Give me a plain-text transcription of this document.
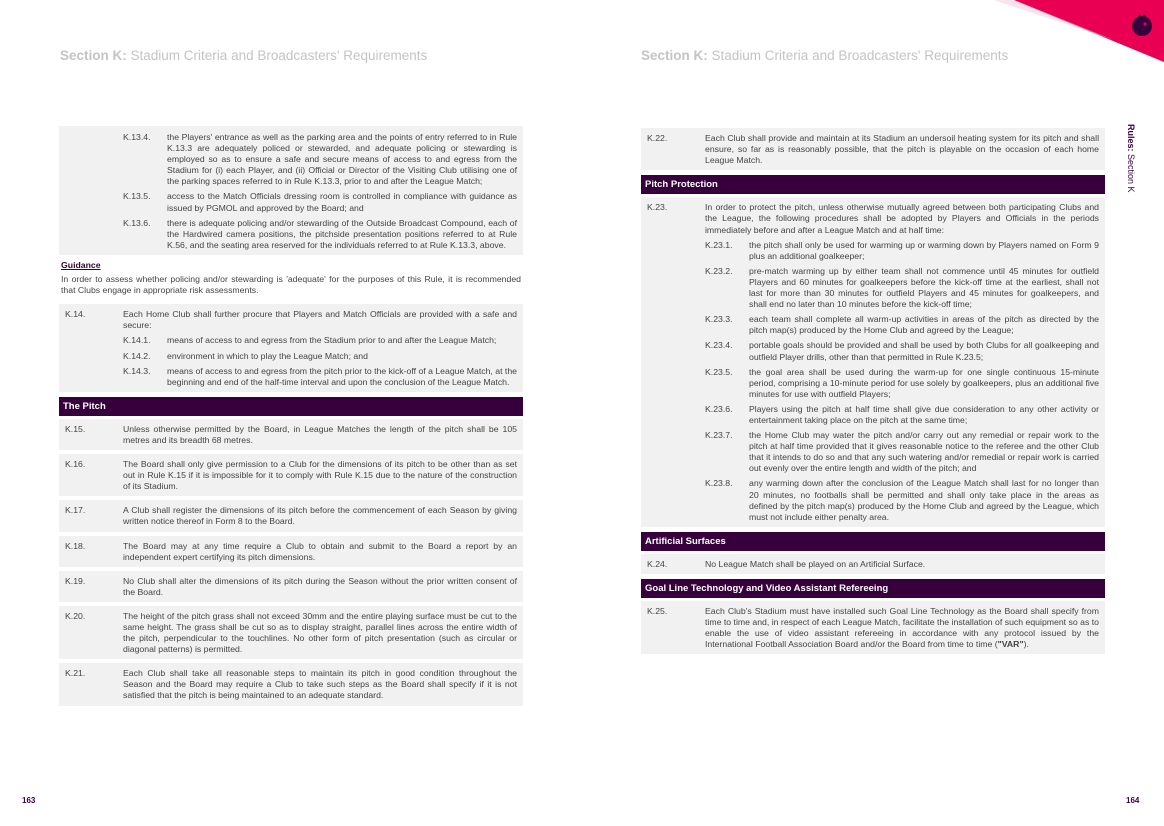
Section K: Stadium Criteria and Broadcasters' Requirements	Section K: Stadium Criteria and Broadcasters' Requirements
Rules: Section K
K.13.4.	the Players' entrance as well as the parking area and the points of entry referred to in Rule K.13.3 are adequately policed or stewarded, and adequate policing or stewarding is employed so as to ensure a safe and secure means of access to and egress from the Stadium for (i) each Player, and (ii) Official or Director of the Visiting Club utilising one of the parking spaces referred to in Rule K.13.3, prior to and after the League Match;
K.13.5.	access to the Match Officials dressing room is controlled in compliance with guidance as issued by PGMOL and approved by the Board; and
K.13.6.	there is adequate policing and/or stewarding of the Outside Broadcast Compound, each of the Hardwired camera positions, the pitchside presentation positions referred to at Rule K.56, and the seating area reserved for the individuals referred to at Rule K.13.3, above.
Guidance
In order to assess whether policing and/or stewarding is 'adequate' for the purposes of this Rule, it is recommended that Clubs engage in appropriate risk assessments.
K.14.	Each Home Club shall further procure that Players and Match Officials are provided with a safe and secure:
K.14.1.	means of access to and egress from the Stadium prior to and after the League Match;
K.14.2.	environment in which to play the League Match; and
K.14.3.	means of access to and egress from the pitch prior to the kick-off of a League Match, at the beginning and end of the half-time interval and upon the conclusion of the League Match.
The Pitch
K.15.	Unless otherwise permitted by the Board, in League Matches the length of the pitch shall be 105 metres and its breadth 68 metres.
K.16.	The Board shall only give permission to a Club for the dimensions of its pitch to be other than as set out in Rule K.15 if it is impossible for it to comply with Rule K.15 due to the nature of the construction of its Stadium.
K.17.	A Club shall register the dimensions of its pitch before the commencement of each Season by giving written notice thereof in Form 8 to the Board.
K.18.	The Board may at any time require a Club to obtain and submit to the Board a report by an independent expert certifying its pitch dimensions.
K.19.	No Club shall alter the dimensions of its pitch during the Season without the prior written consent of the Board.
K.20.	The height of the pitch grass shall not exceed 30mm and the entire playing surface must be cut to the same height. The grass shall be cut so as to display straight, parallel lines across the entire width of the pitch, perpendicular to the touchlines. No other form of pitch presentation (such as circular or diagonal patterns) is permitted.
K.21.	Each Club shall take all reasonable steps to maintain its pitch in good condition throughout the Season and the Board may require a Club to take such steps as the Board shall specify if it is not satisfied that the pitch is being maintained to an adequate standard.
K.22.	Each Club shall provide and maintain at its Stadium an undersoil heating system for its pitch and shall ensure, so far as is reasonably possible, that the pitch is playable on the occasion of each home League Match.
Pitch Protection
K.23.	In order to protect the pitch, unless otherwise mutually agreed between both participating Clubs and the League, the following procedures shall be adopted by Players and Officials in the periods immediately before and after a League Match and at half time:
K.23.1.	the pitch shall only be used for warming up or warming down by Players named on Form 9 plus an additional goalkeeper;
K.23.2.	pre-match warming up by either team shall not commence until 45 minutes for outfield Players and 60 minutes for goalkeepers before the kick-off time at the earliest, shall not last for more than 30 minutes for outfield Players and 45 minutes for goalkeepers, and shall end no later than 10 minutes before the kick-off time;
K.23.3.	each team shall complete all warm-up activities in areas of the pitch as directed by the pitch map(s) produced by the Home Club and agreed by the League;
K.23.4.	portable goals should be provided and shall be used by both Clubs for all goalkeeping and outfield Player drills, other than that permitted in Rule K.23.5;
K.23.5.	the goal area shall be used during the warm-up for one single continuous 15-minute period, comprising a 10-minute period for use solely by goalkeepers, plus an additional five minutes for use with outfield Players;
K.23.6.	Players using the pitch at half time shall give due consideration to any other activity or entertainment taking place on the pitch at the same time;
K.23.7.	the Home Club may water the pitch and/or carry out any remedial or repair work to the pitch at half time provided that it gives reasonable notice to the referee and the other Club that it intends to do so and that any such watering and/or remedial or repair work is carried out evenly over the entire length and width of the pitch; and
K.23.8.	any warming down after the conclusion of the League Match shall last for no longer than 20 minutes, no footballs shall be permitted and shall only take place in the areas as defined by the pitch map(s) produced by the Home Club and agreed by the League, which must not include either penalty area.
Artificial Surfaces
K.24.	No League Match shall be played on an Artificial Surface.
Goal Line Technology and Video Assistant Refereeing
K.25.	Each Club's Stadium must have installed such Goal Line Technology as the Board shall specify from time to time and, in respect of each League Match, facilitate the installation of such equipment so as to enable the use of video assistant refereeing in accordance with any protocol issued by the International Football Association Board and/or the Board from time to time ("VAR").
163	164
